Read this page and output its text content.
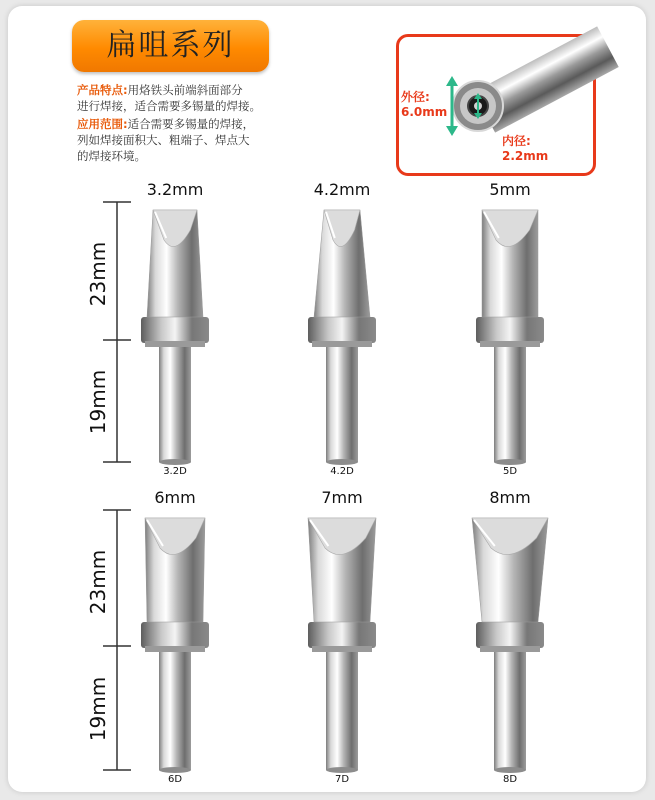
扁咀系列
产品特点:用烙铁头前端斜面部分
进行焊接，适合需要多锡量的焊接。
应用范围:适合需要多锡量的焊接，
列如焊接面积大、粗端子、焊点大
的焊接环境。
外径:
6.0mm
内径:
2.2mm
23mm
19mm
23mm
19mm
3.2mm
3.2D
4.2mm
4.2D
5mm
5D
6mm
6D
7mm
7D
8mm
8D
